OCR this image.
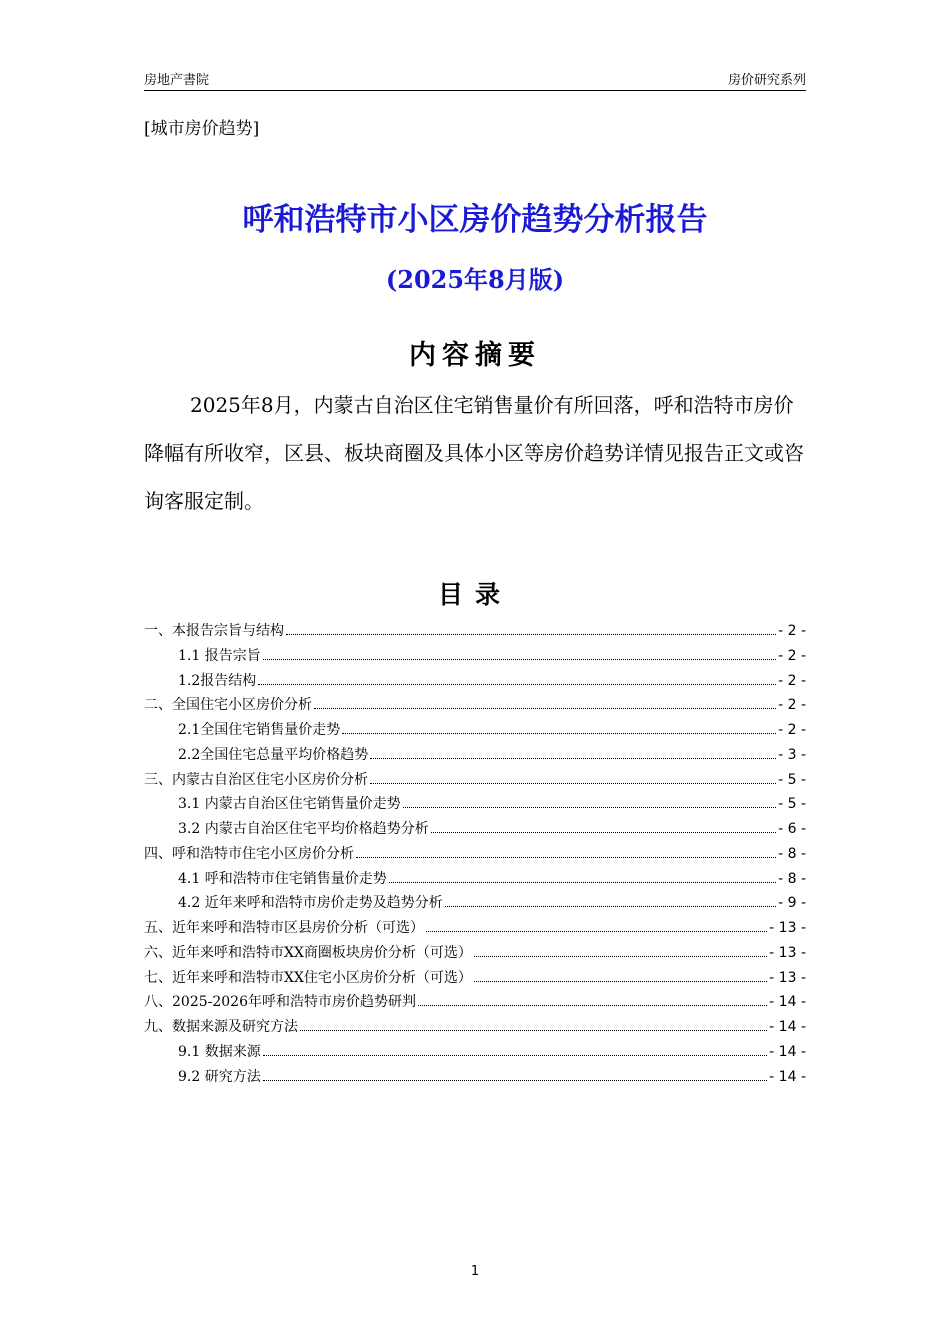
房地产書院	房价研究系列
[城市房价趋势]
呼和浩特市小区房价趋势分析报告
(2025年8月版)
内容摘要
2025年8月，内蒙古自治区住宅销售量价有所回落，呼和浩特市房价降幅有所收窄，区县、板块商圈及具体小区等房价趋势详情见报告正文或咨询客服定制。
目录
一、本报告宗旨与结构	- 2 -
1.1 报告宗旨	- 2 -
1.2报告结构	- 2 -
二、全国住宅小区房价分析	- 2 -
2.1全国住宅销售量价走势	- 2 -
2.2全国住宅总量平均价格趋势	- 3 -
三、内蒙古自治区住宅小区房价分析	- 5 -
3.1 内蒙古自治区住宅销售量价走势	- 5 -
3.2 内蒙古自治区住宅平均价格趋势分析	- 6 -
四、呼和浩特市住宅小区房价分析	- 8 -
4.1 呼和浩特市住宅销售量价走势	- 8 -
4.2 近年来呼和浩特市房价走势及趋势分析	- 9 -
五、近年来呼和浩特市区县房价分析（可选）	- 13 -
六、近年来呼和浩特市XX商圈板块房价分析（可选）	- 13 -
七、近年来呼和浩特市XX住宅小区房价分析（可选）	- 13 -
八、2025-2026年呼和浩特市房价趋势研判	- 14 -
九、数据来源及研究方法	- 14 -
9.1 数据来源	- 14 -
9.2 研究方法	- 14 -
1
